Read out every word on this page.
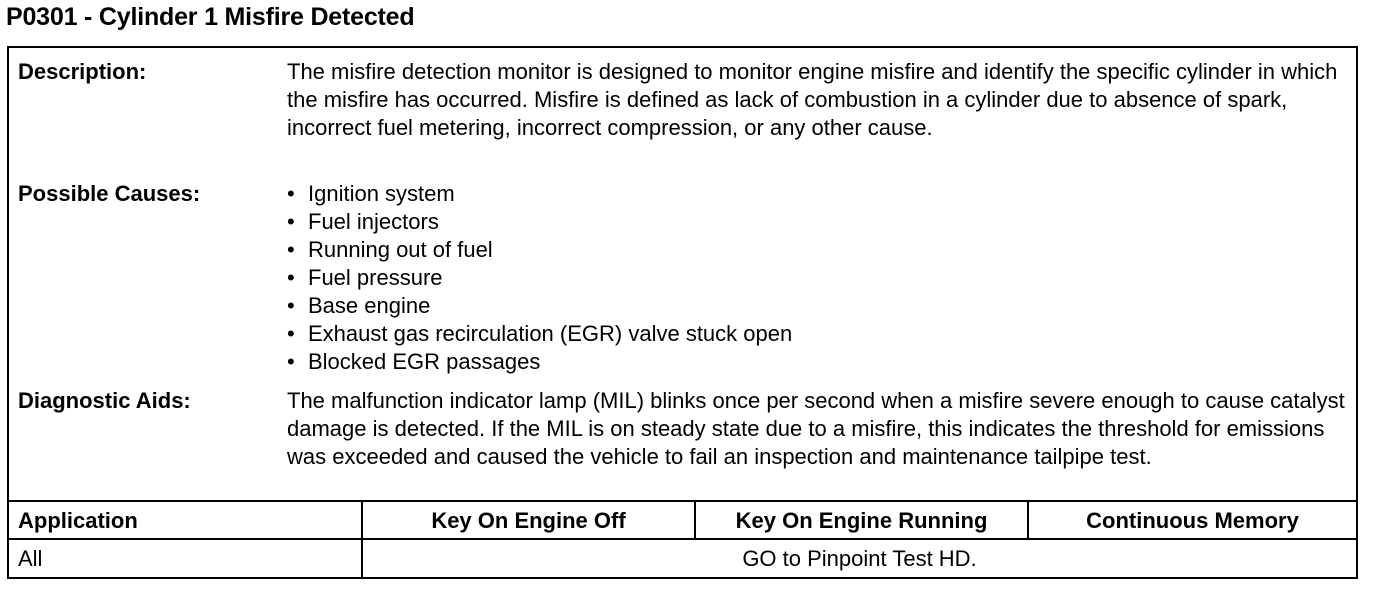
P0301 - Cylinder 1 Misfire Detected
Description:	The misfire detection monitor is designed to monitor engine misfire and identify the specific cylinder in which the misfire has occurred. Misfire is defined as lack of combustion in a cylinder due to absence of spark, incorrect fuel metering, incorrect compression, or any other cause.
Possible Causes:
•	Ignition system
• Fuel injectors
• Running out of fuel
• Fuel pressure
• Base engine
• Exhaust gas recirculation (EGR) valve stuck open
• Blocked EGR passages
Diagnostic Aids:	The malfunction indicator lamp (MIL) blinks once per second when a misfire severe enough to cause catalyst damage is detected. If the MIL is on steady state due to a misfire, this indicates the threshold for emissions was exceeded and caused the vehicle to fail an inspection and maintenance tailpipe test.
Application	Key On Engine Off	Key On Engine Running	Continuous Memory
All	GO to Pinpoint Test HD.
